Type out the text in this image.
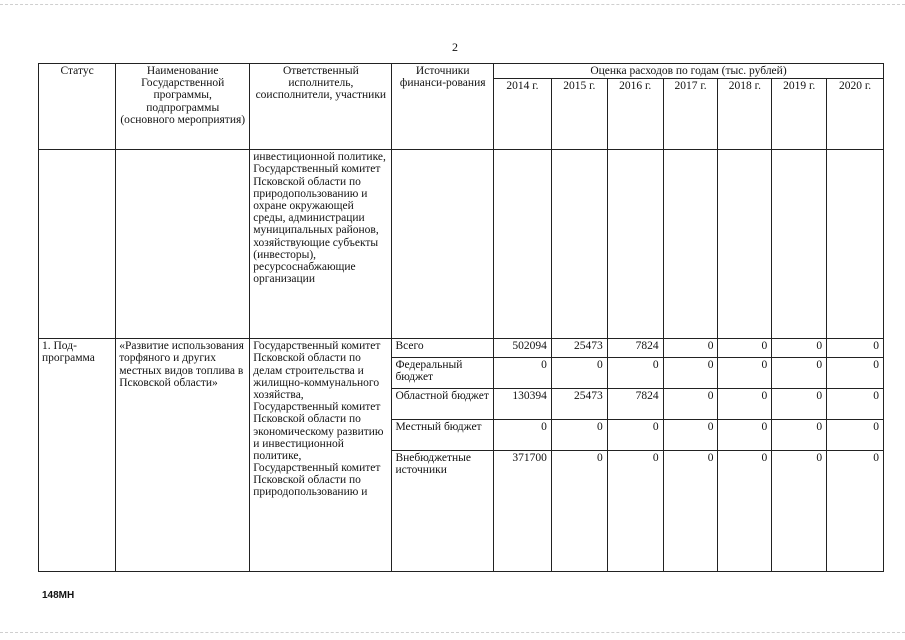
2
Статус	Наименование Государственной программы, подпрограммы (основного мероприятия)	Ответственный исполнитель, соисполнители, участники	Источники финанси-рования	Оценка расходов по годам (тыс. рублей)						
				2014 г.	2015 г.	2016 г.	2017 г.	2018 г.	2019 г.	2020 г.
		инвестиционной политике, Государственный комитет Псковской области по природопользованию и охране окружающей среды, администрации муниципальных районов, хозяйствующие субъекты (инвесторы), ресурсоснабжающие организации								
1. Под-программа	«Развитие использования торфяного и других местных видов топлива в Псковской области»	Государственный комитет Псковской области по делам строительства и жилищно-коммунального хозяйства, Государственный комитет Псковской области по экономическому развитию и инвестиционной политике, Государственный комитет Псковской области по природопользованию и	Всего	502094	25473	7824	0	0	0	0
			Федеральный бюджет	0	0	0	0	0	0	0
			Областной бюджет	130394	25473	7824	0	0	0	0
			Местный бюджет	0	0	0	0	0	0	0
			Внебюджетные источники	371700	0	0	0	0	0	0
148МН
